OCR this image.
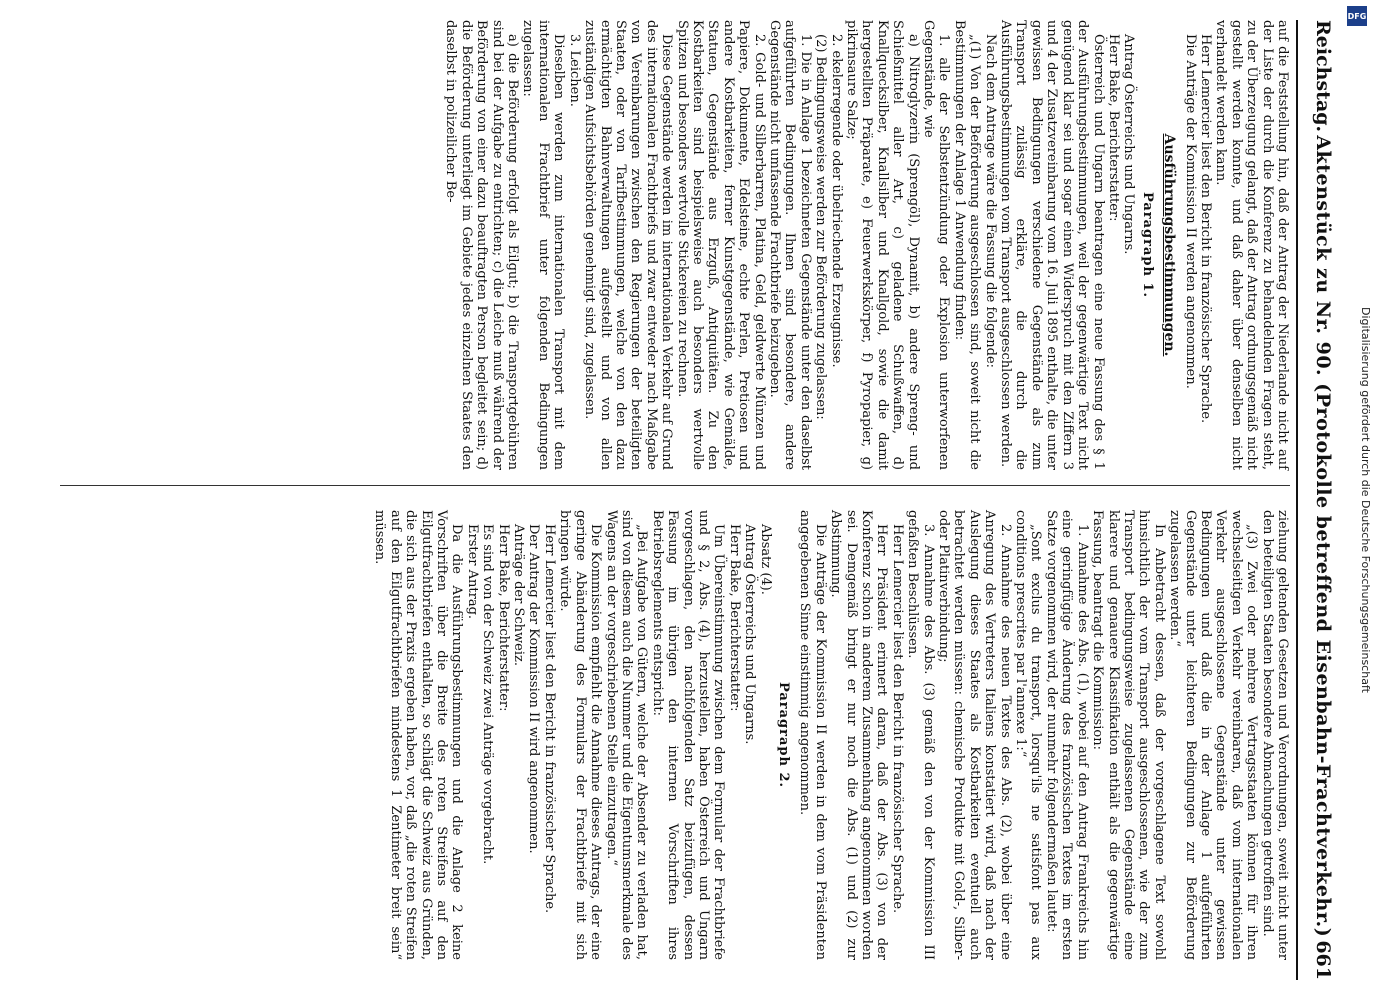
Reichstag.
Aktenstück zu Nr. 90. (Protokolle betreffend Eisenbahn-Frachtverkehr.)
661

auf die Feststellung hin, daß der Antrag der Niederlande nicht auf der Liste der durch die Konferenz zu behandelnden Fragen steht, zu der Überzeugung gelangt, daß der Antrag ordnungsgemäß nicht gestellt werden konnte, und daß daher über denselben nicht verhandelt werden kann.

Herr Lemercier liest den Bericht in französischer Sprache.

Die Anträge der Kommission II werden angenommen.

Ausführungsbestimmungen.
Paragraph 1.

Antrag Österreichs und Ungarns.

Herr Bake, Berichterstatter:

Österreich und Ungarn beantragen eine neue Fassung des § 1 der Ausführungsbestimmungen, weil der gegenwärtige Text nicht genügend klar sei und sogar einen Widerspruch mit den Ziffern 3 und 4 der Zusatzvereinbarung vom 16. Juli 1895 enthalte, die unter gewissen Bedingungen verschiedene Gegenstände als zum Transport zulässig erkläre, die durch die Ausführungsbestimmungen vom Transport ausgeschlossen werden.

Nach dem Antrage wäre die Fassung die folgende:

„(1) Von der Beförderung ausgeschlossen sind, soweit nicht die Bestimmungen der Anlage 1 Anwendung finden:

1. alle der Selbstentzündung oder Explosion unterworfenen Gegenstände, wie

a) Nitroglyzerin (Sprengöl), Dynamit, b) andere Spreng- und Schießmittel aller Art, c) geladene Schußwaffen, d) Knallquecksilber, Knallsilber und Knallgold, sowie die damit hergestellten Präparate, e) Feuerwerkskörper, f) Pyropapier, g) pikrinsaure Salze;

2. ekelerregende oder übelriechende Erzeugnisse.

(2) Bedingungsweise werden zur Beförderung zugelassen:

1. Die in Anlage 1 bezeichneten Gegenstände unter den daselbst aufgeführten Bedingungen. Ihnen sind besondere, andere Gegenstände nicht umfassende Frachtbriefe beizugeben.

2. Gold- und Silberbarren, Platina, Geld, geldwerte Münzen und Papiere, Dokumente, Edelsteine, echte Perlen, Pretiosen und andere Kostbarkeiten, ferner Kunstgegenstände, wie Gemälde, Statuen, Gegenstände aus Erzguß, Antiquitäten. Zu den Kostbarkeiten sind beispielsweise auch besonders wertvolle Spitzen und besonders wertvolle Stickereien zu rechnen.

Diese Gegenstände werden im internationalen Verkehr auf Grund des internationalen Frachtbriefs und zwar entweder nach Maßgabe von Vereinbarungen zwischen den Regierungen der beteiligten Staaten, oder von Tarifbestimmungen, welche von den dazu ermächtigten Bahnverwaltungen aufgestellt und von allen zuständigen Aufsichtsbehörden genehmigt sind, zugelassen.

3. Leichen.

Dieselben werden zum internationalen Transport mit dem internationalen Frachtbrief unter folgenden Bedingungen zugelassen:

a) die Beförderung erfolgt als Eilgut; b) die Transportgebühren sind bei der Aufgabe zu entrichten; c) die Leiche muß während der Beförderung von einer dazu beauftragten Person begleitet sein; d) die Beförderung unterliegt im Gebiete jedes einzelnen Staates den daselbst in polizeilicher Be-

ziehung geltenden Gesetzen und Verordnungen, soweit nicht unter den beteiligten Staaten besondere Abmachungen getroffen sind.

„(3) Zwei oder mehrere Vertragsstaaten können für ihren wechselseitigen Verkehr vereinbaren, daß vom internationalen Verkehr ausgeschlossene Gegenstände unter gewissen Bedingungen und daß die in der Anlage 1 aufgeführten Gegenstände unter leichteren Bedingungen zur Beförderung zugelassen werden.“

In Anbetracht dessen, daß der vorgeschlagene Text sowohl hinsichtlich der vom Transport ausgeschlossenen, wie der zum Transport bedingungsweise zugelassenen Gegenstände eine klarere und genauere Klassifikation enthält als die gegenwärtige Fassung, beantragt die Kommission:

1. Annahme des Abs. (1), wobei auf den Antrag Frankreichs hin eine geringfügige Änderung des französischen Textes im ersten Satze vorgenommen wird, der nunmehr folgendermaßen lautet:

„Sont exclus du transport, lorsqu'ils ne satisfont pas aux conditions prescrites par l'annexe 1:“

2. Annahme des neuen Textes des Abs. (2), wobei über eine Anregung des Vertreters Italiens konstatiert wird, daß nach der Auslegung dieses Staates als Kostbarkeiten eventuell auch betrachtet werden müssen: chemische Produkte mit Gold-, Silber- oder Platinverbindung;

3. Annahme des Abs. (3) gemäß den von der Kommission III gefaßten Beschlüssen.

Herr Lemercier liest den Bericht in französischer Sprache.

Herr Präsident erinnert daran, daß der Abs. (3) von der Konferenz schon in anderem Zusammenhang angenommen worden sei. Demgemäß bringt er nur noch die Abs. (1) und (2) zur Abstimmung.

Die Anträge der Kommission II werden in dem vom Präsidenten angegebenen Sinne einstimmig angenommen.

Paragraph 2.

Absatz (4).

Antrag Österreichs und Ungarns.

Herr Bake, Berichterstatter:

Um Übereinstimmung zwischen dem Formular der Frachtbriefe und § 2, Abs. (4), herzustellen, haben Österreich und Ungarn vorgeschlagen, den nachfolgenden Satz beizufügen, dessen Fassung im übrigen den internen Vorschriften ihres Betriebsreglements entspricht:

„Bei Aufgabe von Gütern, welche der Absender zu verladen hat, sind von diesem auch die Nummer und die Eigentumsmerkmale des Wagens an der vorgeschriebenen Stelle einzutragen.“

Die Kommission empfiehlt die Annahme dieses Antrags, der eine geringe Abänderung des Formulars der Frachtbriefe mit sich bringen würde.

Herr Lemercier liest den Bericht in französischer Sprache.

Der Antrag der Kommission II wird angenommen.

Anträge der Schweiz.

Herr Bake, Berichterstatter:

Es sind von der Schweiz zwei Anträge vorgebracht.

Erster Antrag.

Da die Ausführungsbestimmungen und die Anlage 2 keine Vorschriften über die Breite des roten Streifens auf den Eilgutfrachtbriefen enthalten, so schlägt die Schweiz aus Gründen, die sich aus der Praxis ergeben haben, vor, daß „die roten Streifen auf den Eilgutfrachtbriefen mindestens 1 Zentimeter breit sein“ müssen.

DFG
Digitalisierung gefördert durch die Deutsche Forschungsgemeinschaft
